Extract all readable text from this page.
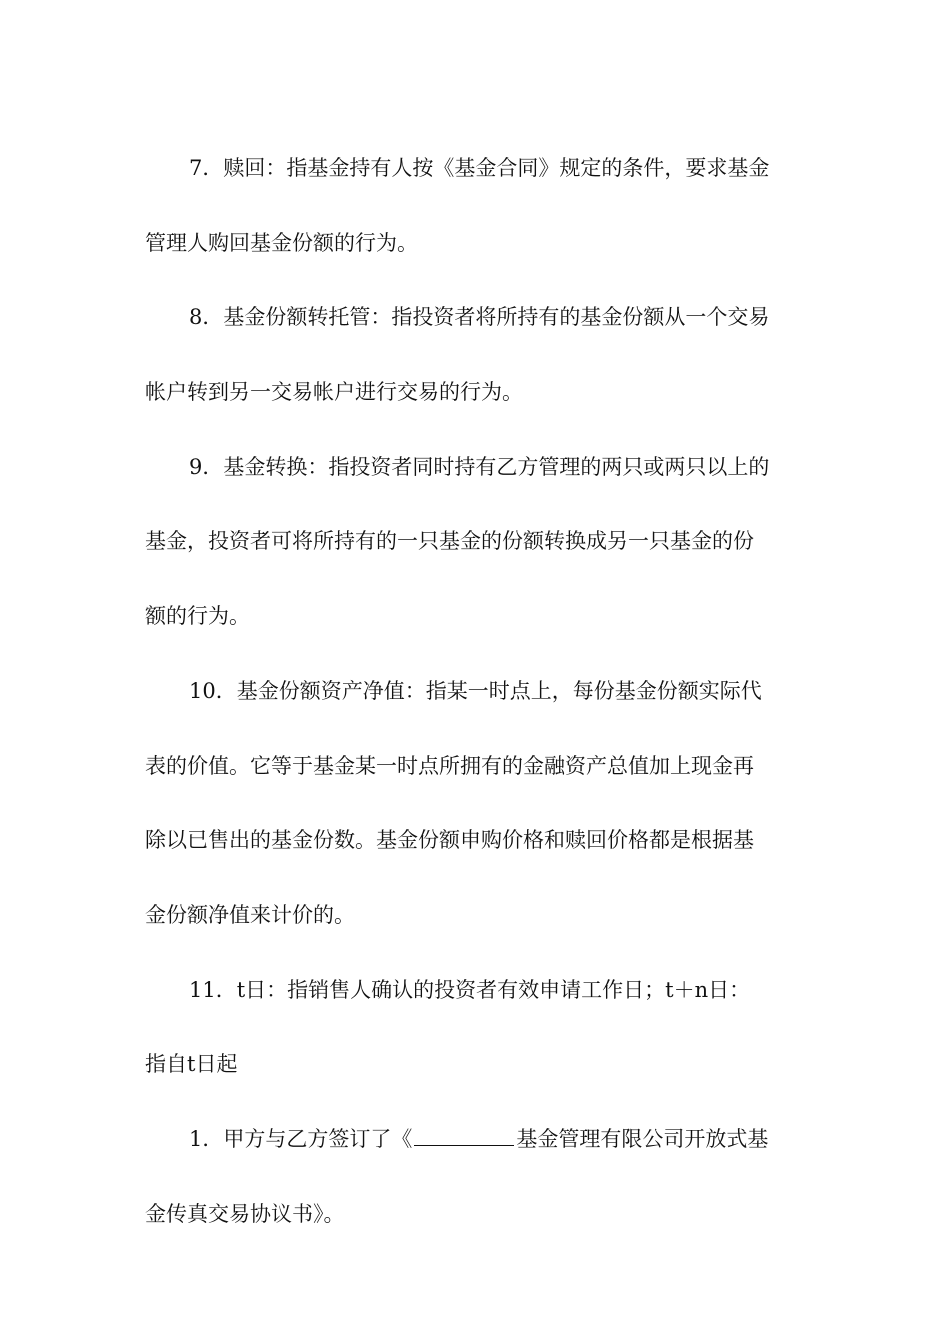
7．赎回：指基金持有人按《基金合同》规定的条件，要求基金
管理人购回基金份额的行为。
8．基金份额转托管：指投资者将所持有的基金份额从一个交易
帐户转到另一交易帐户进行交易的行为。
9．基金转换：指投资者同时持有乙方管理的两只或两只以上的
基金，投资者可将所持有的一只基金的份额转换成另一只基金的份
额的行为。
10．基金份额资产净值：指某一时点上，每份基金份额实际代
表的价值。它等于基金某一时点所拥有的金融资产总值加上现金再
除以已售出的基金份数。基金份额申购价格和赎回价格都是根据基
金份额净值来计价的。
11．t日：指销售人确认的投资者有效申请工作日；t＋n日：
指自t日起
1．甲方与乙方签订了《	基金管理有限公司开放式基
金传真交易协议书》。
